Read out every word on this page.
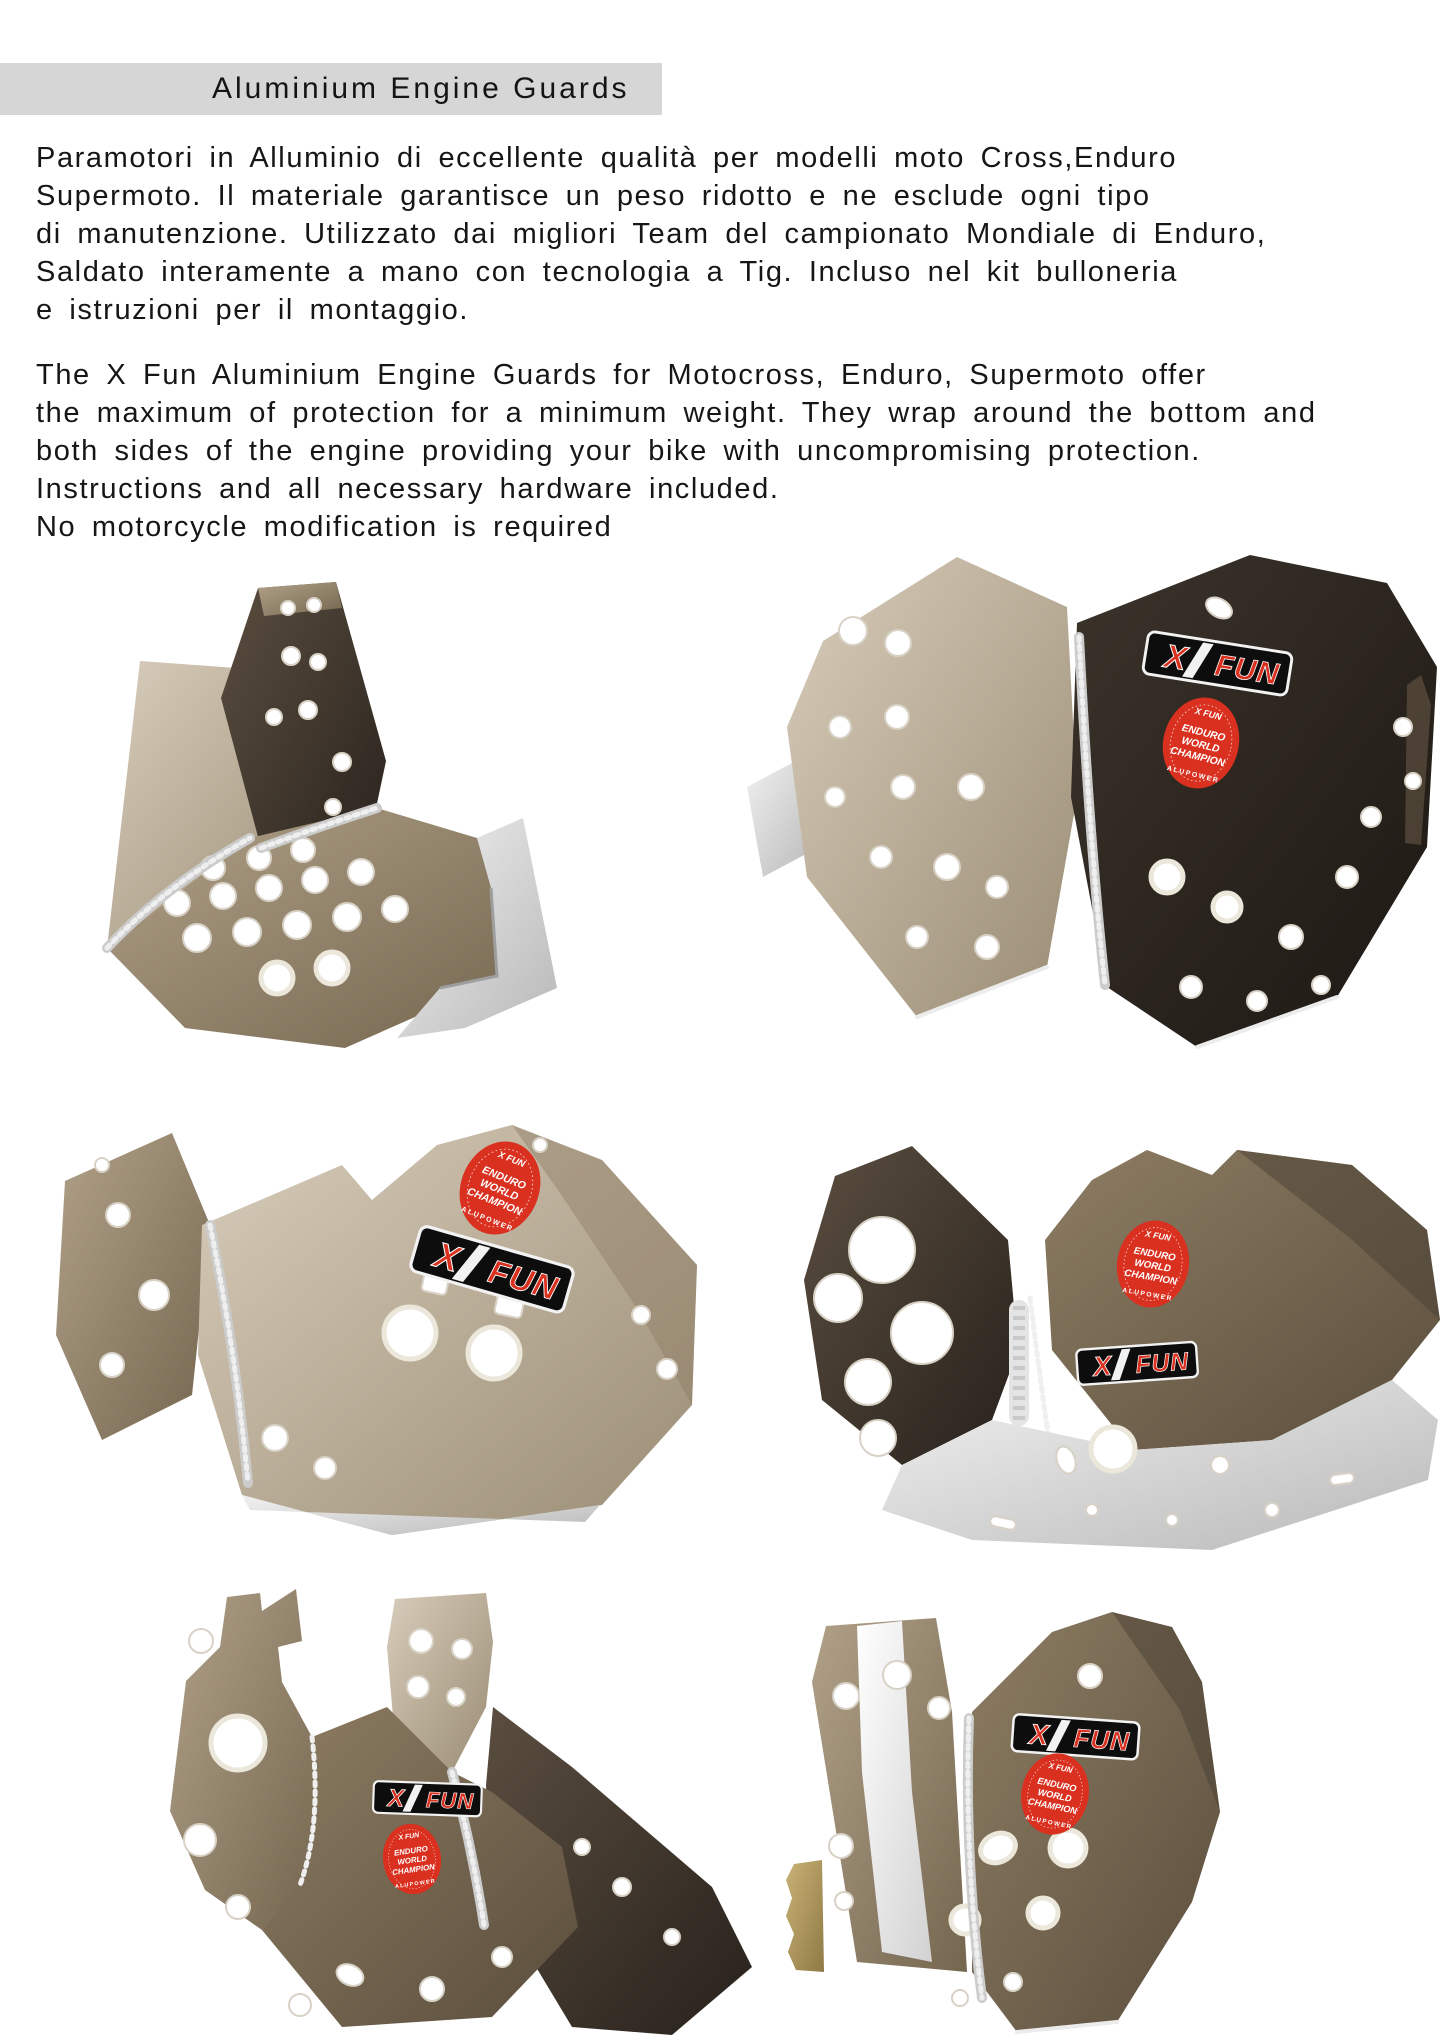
Aluminium Engine Guards
Paramotori in Alluminio di eccellente qualità per modelli moto Cross,Enduro
Supermoto. Il materiale garantisce un peso ridotto e ne esclude ogni tipo
di manutenzione. Utilizzato dai migliori Team del campionato Mondiale di Enduro,
Saldato interamente a mano con tecnologia a Tig. Incluso nel kit bulloneria
e istruzioni per il montaggio.
The X Fun Aluminium Engine Guards for Motocross, Enduro, Supermoto offer
the maximum of protection for a minimum weight. They wrap around the bottom and
both sides of the engine providing your bike with uncompromising protection.
Instructions and all necessary hardware included.
No motorcycle modification is required
